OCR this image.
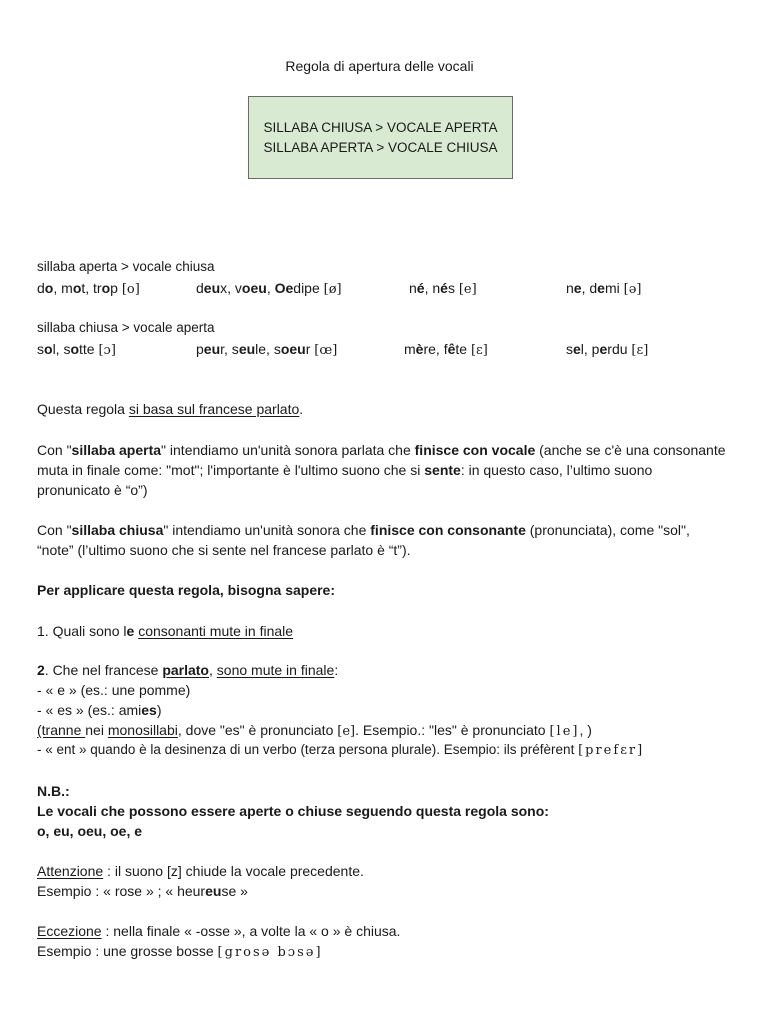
Regola di apertura delle vocali
SILLABA CHIUSA > VOCALE APERTA
SILLABA APERTA > VOCALE CHIUSA
sillaba aperta > vocale chiusa
do, mot, trop [o]	deux, voeu, Oedipe [ø]	né, nés [e]	ne, demi [ə]
sillaba chiusa > vocale aperta
sol, sotte [ɔ]	peur, seule, soeur [œ]	mère, fête [ɛ]	sel, perdu [ɛ]
Questa regola si basa sul francese parlato.
Con "sillaba aperta" intendiamo un'unità sonora parlata che finisce con vocale (anche se c'è una consonante muta in finale come: "mot"; l'importante è l'ultimo suono che si sente: in questo caso, l’ultimo suono pronunicato è “o”)
Con "sillaba chiusa" intendiamo un'unità sonora che finisce con consonante (pronunciata), come "sol", “note” (l’ultimo suono che si sente nel francese parlato è “t”).
Per applicare questa regola, bisogna sapere:
1. Quali sono le consonanti mute in finale
2. Che nel francese parlato, sono mute in finale:
- « e » (es.: une pomme)
- « es » (es.: amies)
(tranne nei monosillabi, dove "es" è pronunciato [e]. Esempio.: "les" è pronunciato [le], )
- « ent » quando è la desinenza di un verbo (terza persona plurale). Esempio: ils préfèrent [prefɛr]
N.B.:
Le vocali che possono essere aperte o chiuse seguendo questa regola sono:
o, eu, oeu, oe, e
Attenzione : il suono [z] chiude la vocale precedente.
Esempio : « rose » ; « heureuse »
Eccezione : nella finale « -osse », a volte la « o » è chiusa.
Esempio : une grosse bosse [grosə bɔsə]
